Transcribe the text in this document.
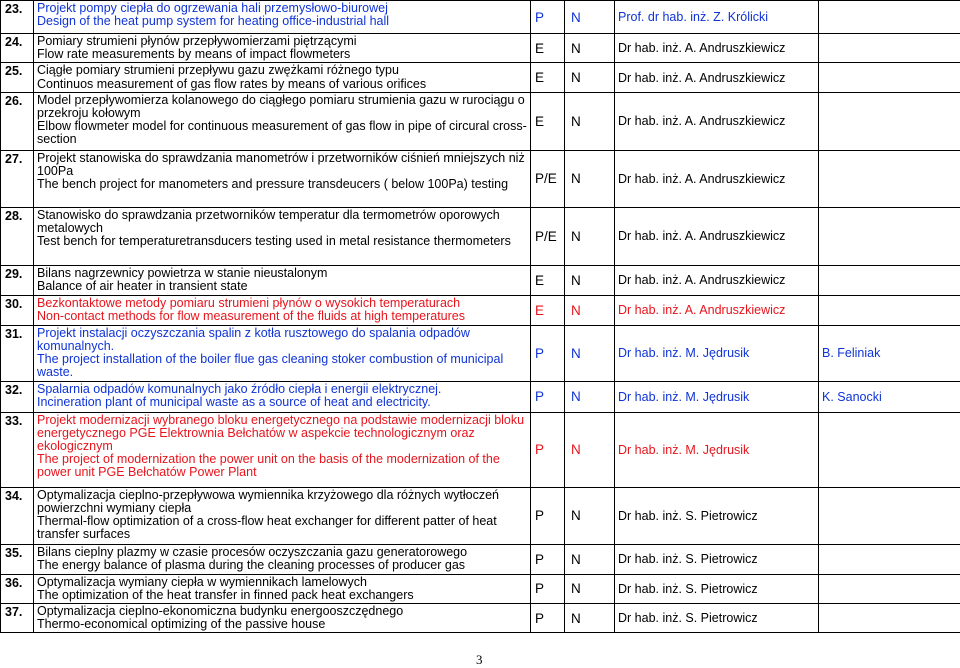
23.	Projekt pompy ciepła do ogrzewania hali przemysłowo-biurowej
Design of the heat pump system for heating office-industrial hall	P	N	Prof. dr hab. inż. Z. Królicki	
24.	Pomiary strumieni płynów przepływomierzami piętrzącymi
Flow rate measurements by means of impact flowmeters	E	N	Dr hab. inż. A. Andruszkiewicz	
25.	Ciągłe pomiary strumieni przepływu gazu zwężkami różnego typu
Continuos measurement of gas flow rates by means of various orifices	E	N	Dr hab. inż. A. Andruszkiewicz	
26.	Model przepływomierza kolanowego do ciągłego pomiaru strumienia gazu w rurociągu o przekroju kołowym
Elbow flowmeter model for continuous measurement of gas flow in pipe of circural cross-section	E	N	Dr hab. inż. A. Andruszkiewicz	
27.	Projekt stanowiska do sprawdzania manometrów i przetworników ciśnień mniejszych niż 100Pa
The bench project for manometers and pressure transdeucers ( below 100Pa) testing	P/E	N	Dr hab. inż. A. Andruszkiewicz	
28.	Stanowisko do sprawdzania przetworników temperatur dla termometrów oporowych metalowych
Test bench for temperaturetransducers testing used in metal resistance thermometers	P/E	N	Dr hab. inż. A. Andruszkiewicz	
29.	Bilans nagrzewnicy powietrza w stanie nieustalonym
Balance of air heater in transient state	E	N	Dr hab. inż. A. Andruszkiewicz	
30.	Bezkontaktowe metody pomiaru strumieni płynów o wysokich temperaturach
Non-contact methods for flow measurement of the fluids at high temperatures	E	N	Dr hab. inż. A. Andruszkiewicz	
31.	Projekt instalacji oczyszczania spalin z kotła rusztowego do spalania odpadów komunalnych.
The project installation of the boiler flue gas cleaning stoker combustion of municipal waste.	P	N	Dr hab. inż. M. Jędrusik	B. Feliniak
32.	Spalarnia odpadów komunalnych jako źródło ciepła i energii elektrycznej.
Incineration plant of municipal waste as a source of heat and electricity.	P	N	Dr hab. inż. M. Jędrusik	K. Sanocki
33.	Projekt modernizacji wybranego bloku energetycznego na podstawie modernizacji bloku energetycznego PGE Elektrownia Bełchatów w aspekcie technologicznym oraz ekologicznym
The project of modernization the power unit on the basis of the modernization of the power unit PGE Bełchatów Power Plant	P	N	Dr hab. inż. M. Jędrusik	
34.	Optymalizacja cieplno-przepływowa wymiennika krzyżowego dla różnych wytłoczeń powierzchni wymiany ciepła
Thermal-flow optimization of a cross-flow heat exchanger for different patter of heat transfer surfaces	P	N	Dr hab. inż. S. Pietrowicz	
35.	Bilans cieplny plazmy w czasie procesów oczyszczania gazu generatorowego
The energy balance of plasma during the cleaning processes of producer gas	P	N	Dr hab. inż. S. Pietrowicz	
36.	Optymalizacja wymiany ciepła w wymiennikach lamelowych
The optimization of the heat transfer in finned pack heat exchangers	P	N	Dr hab. inż. S. Pietrowicz	
37.	Optymalizacja cieplno-ekonomiczna budynku energooszczędnego
Thermo-economical optimizing of the passive house	P	N	Dr hab. inż. S. Pietrowicz	
3
